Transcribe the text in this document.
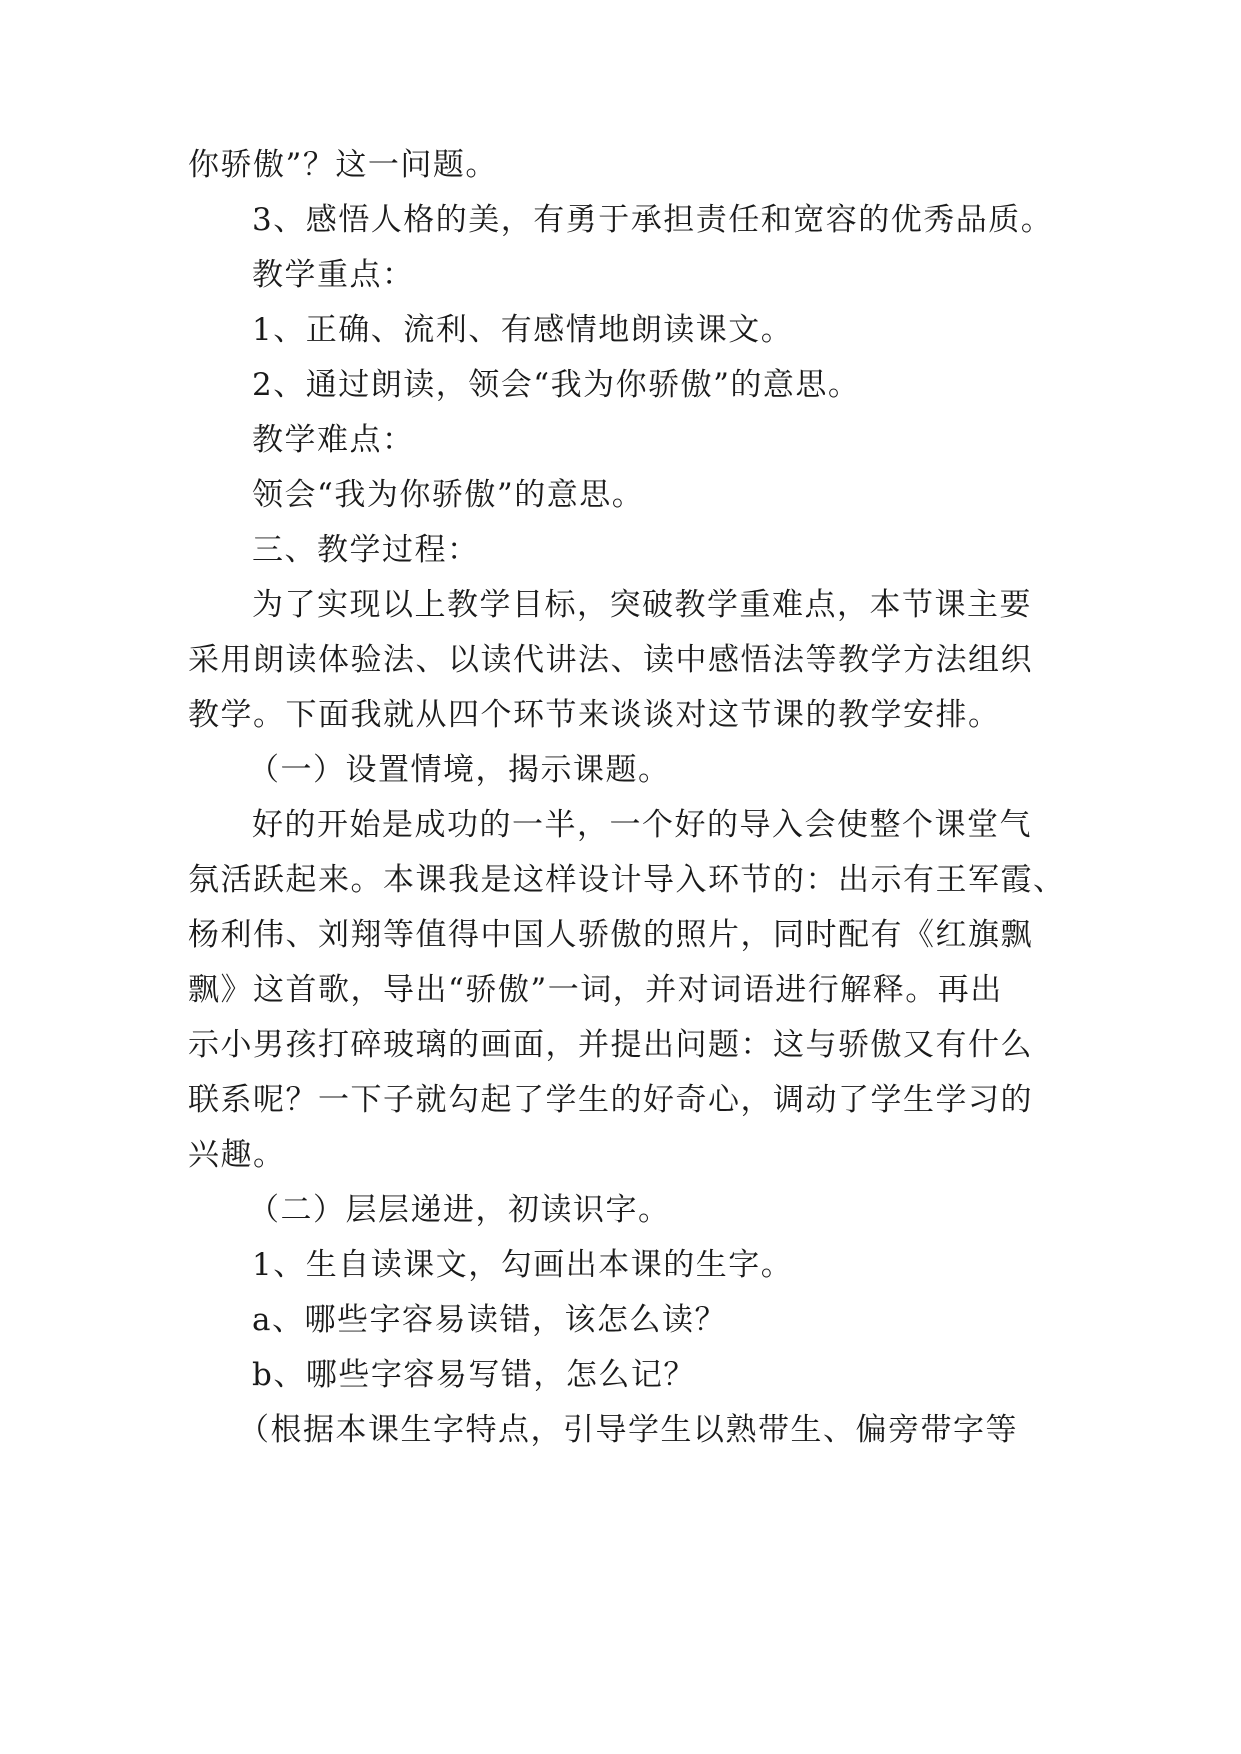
你骄傲”？这一问题。
3、感悟人格的美，有勇于承担责任和宽容的优秀品质。
教学重点：
1、正确、流利、有感情地朗读课文。
2、通过朗读，领会“我为你骄傲”的意思。
教学难点：
领会“我为你骄傲”的意思。
三、教学过程：
为了实现以上教学目标，突破教学重难点，本节课主要
采用朗读体验法、以读代讲法、读中感悟法等教学方法组织
教学。下面我就从四个环节来谈谈对这节课的教学安排。
（一）设置情境，揭示课题。
好的开始是成功的一半，一个好的导入会使整个课堂气
氛活跃起来。本课我是这样设计导入环节的：出示有王军霞、
杨利伟、刘翔等值得中国人骄傲的照片，同时配有《红旗飘
飘》这首歌，导出“骄傲”一词，并对词语进行解释。再出
示小男孩打碎玻璃的画面，并提出问题：这与骄傲又有什么
联系呢？一下子就勾起了学生的好奇心，调动了学生学习的
兴趣。
（二）层层递进，初读识字。
1、生自读课文，勾画出本课的生字。
a、哪些字容易读错，该怎么读？
b、哪些字容易写错，怎么记？
（根据本课生字特点，引导学生以熟带生、偏旁带字等
